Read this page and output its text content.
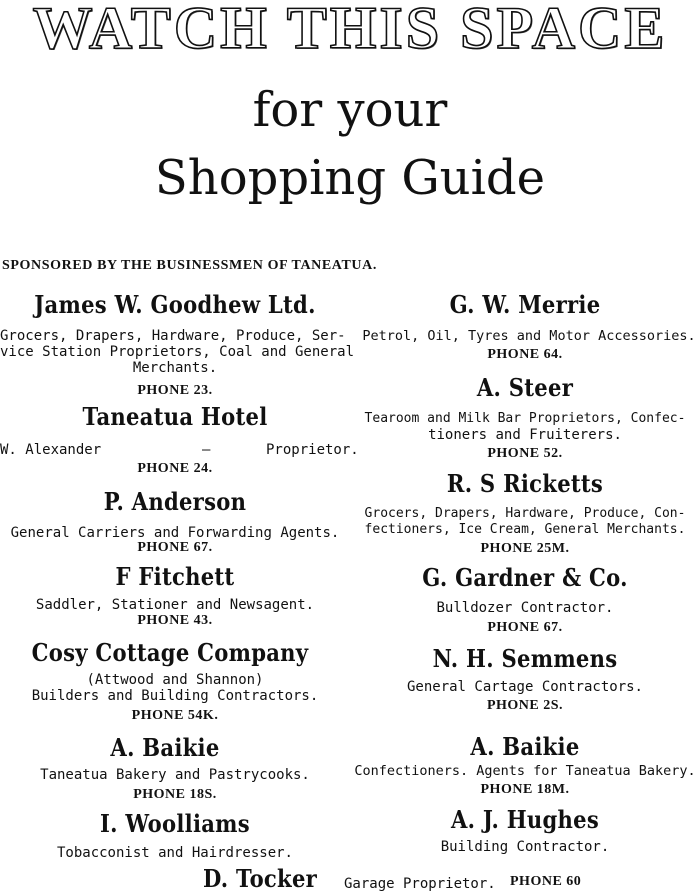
WATCH THIS SPACE
for your
Shopping Guide
SPONSORED BY THE BUSINESSMEN OF TANEATUA.
James W. Goodhew Ltd.
Grocers, Drapers, Hardware, Produce, Ser-
vice Station Proprietors, Coal and General
Merchants.
PHONE 23.
Taneatua Hotel
W. Alexander	—	Proprietor.
PHONE 24.
P. Anderson
General Carriers and Forwarding Agents.
PHONE 67.
F Fitchett
Saddler, Stationer and Newsagent.
PHONE 43.
Cosy Cottage Company
(Attwood and Shannon)
Builders and Building Contractors.
PHONE 54K.
A. Baikie
Taneatua Bakery and Pastrycooks.
PHONE 18S.
I. Woolliams
Tobacconist and Hairdresser.
D. Tocker
G. W. Merrie
Petrol, Oil, Tyres and Motor Accessories.
PHONE 64.
A. Steer
Tearoom and Milk Bar Proprietors, Confec-
tioners and Fruiterers.
PHONE 52.
R. S Ricketts
Grocers, Drapers, Hardware, Produce, Con-
fectioners, Ice Cream, General Merchants.
PHONE 25M.
G. Gardner & Co.
Bulldozer Contractor.
PHONE 67.
N. H. Semmens
General Cartage Contractors.
PHONE 2S.
A. Baikie
Confectioners. Agents for T⁠a⁠neatua Bakery.
PHONE 18M.
A. J. Hughes
Building Contractor.
Garage Proprietor. PHONE 60
